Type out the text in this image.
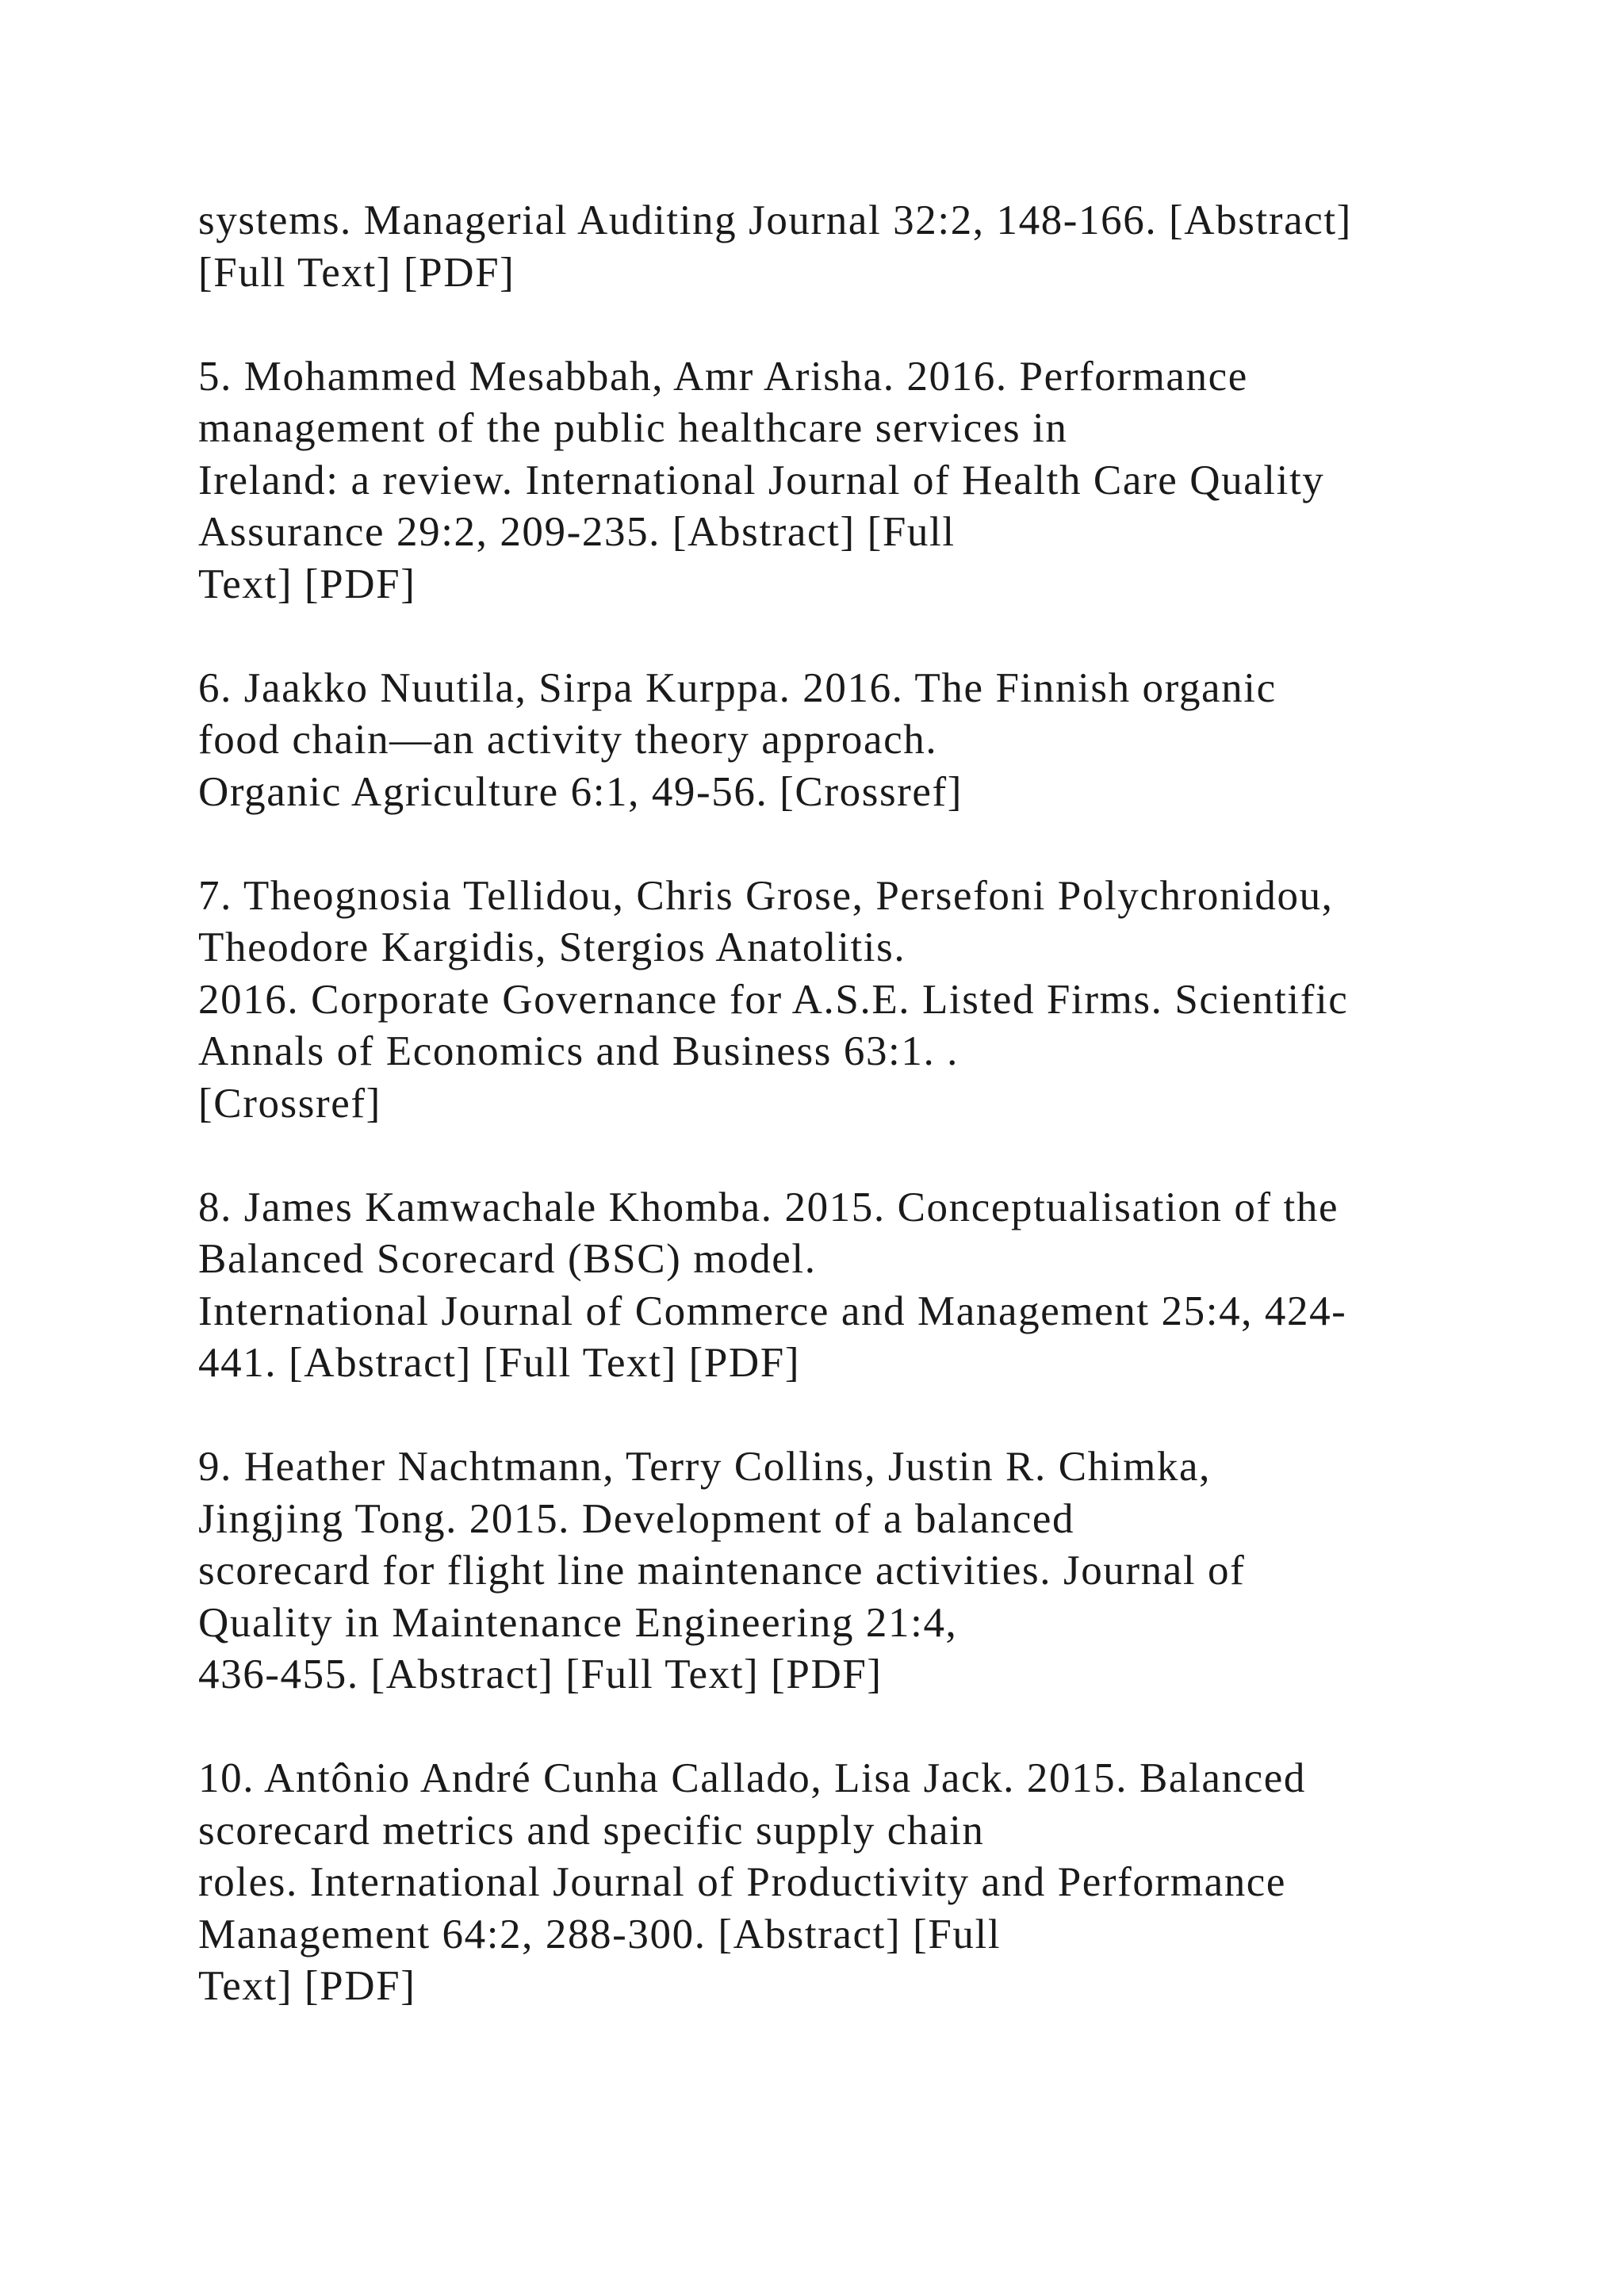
systems. Managerial Auditing Journal 32:2, 148-166. [Abstract]
[Full Text] [PDF]
5. Mohammed Mesabbah, Amr Arisha. 2016. Performance
management of the public healthcare services in
Ireland: a review. International Journal of Health Care Quality
Assurance 29:2, 209-235. [Abstract] [Full
Text] [PDF]
6. Jaakko Nuutila, Sirpa Kurppa. 2016. The Finnish organic
food chain—an activity theory approach.
Organic Agriculture 6:1, 49-56. [Crossref]
7. Theognosia Tellidou, Chris Grose, Persefoni Polychronidou,
Theodore Kargidis, Stergios Anatolitis.
2016. Corporate Governance for A.S.E. Listed Firms. Scientific
Annals of Economics and Business 63:1. .
[Crossref]
8. James Kamwachale Khomba. 2015. Conceptualisation of the
Balanced Scorecard (BSC) model.
International Journal of Commerce and Management 25:4, 424-
441. [Abstract] [Full Text] [PDF]
9. Heather Nachtmann, Terry Collins, Justin R. Chimka,
Jingjing Tong. 2015. Development of a balanced
scorecard for flight line maintenance activities. Journal of
Quality in Maintenance Engineering 21:4,
436-455. [Abstract] [Full Text] [PDF]
10. Antônio André Cunha Callado, Lisa Jack. 2015. Balanced
scorecard metrics and specific supply chain
roles. International Journal of Productivity and Performance
Management 64:2, 288-300. [Abstract] [Full
Text] [PDF]
